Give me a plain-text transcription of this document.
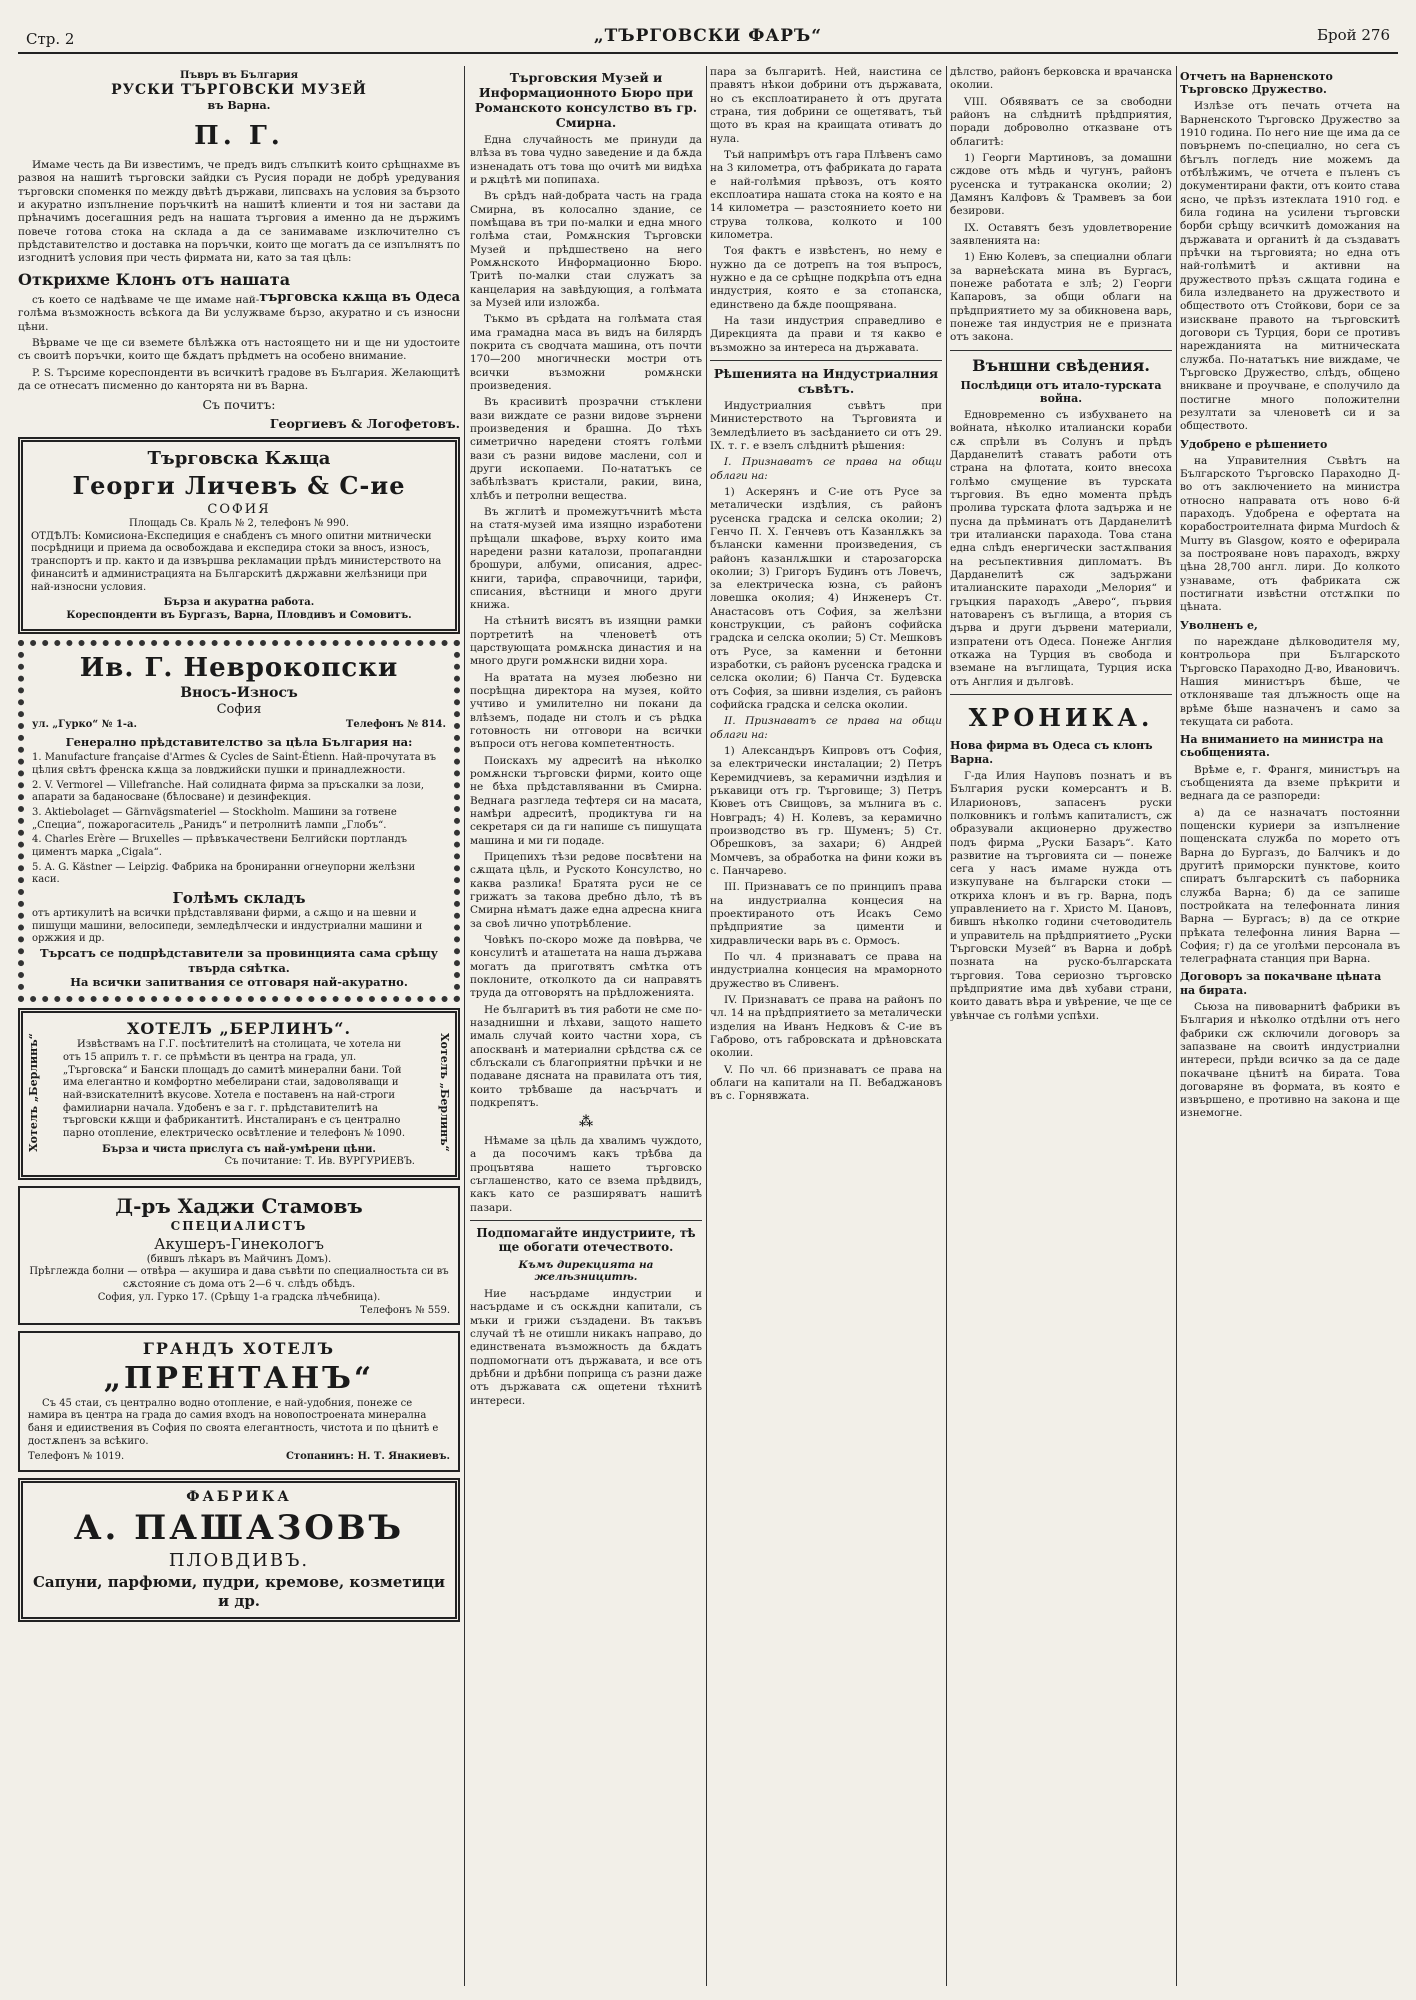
Стр. 2	„ТЪРГОВСКИ ФАРЪ“	Брой 276
Пъвръ въ България
РУСКИ ТЪРГОВСКИ МУЗЕЙ
въ Варна.
П. Г.

Имаме честь да Ви известимъ, че предъ видъ слъпкитѣ които срѣщнахме въ развоя на нашитѣ търговски зайдки съ Русия поради не добрѣ уредувания търговски споменкя по между двѣтѣ държави, липсвахъ на условия за бързото и акуратно изпълнение поръчкитѣ на нашитѣ клиенти и тоя ни застави да прѣначимъ досегашния редъ на нашата търговия а именно да не държимъ повече готова стока на склада а да се занимаваме изключително съ прѣдставителство и доставка на поръчки, които ще могатъ да се изпълнятъ по изгоднитѣ условия при честь фирмата ни, като за тая цѣль:

Открихме Клонъ отъ нашата
търговска кѫща въ Одеса

съ което се надѣваме че ще имаме най-голѣма възможность всѣкога да Ви услужваме бързо, акуратно и съ износни цѣни.

Вѣрваме че ще си вземете бѣлѣжка отъ настоящето ни и ще ни удостоите съ своитѣ поръчки, които ще бѫдатъ прѣдметъ на особено внимание.

P. S. Търсиме кореспонденти въ всичкитѣ градове въ България. Желающитѣ да се отнесатъ писменно до канторята ни въ Варна.

Съ почитъ:
Георгиевъ & Логофетовъ.
Търговска Кѫща
Георги Личевъ & С-ие
СОФИЯ
Площадь Св. Краль № 2, телефонъ № 990.

ОТДѢЛЪ: Комисиона-Експедиция е снабденъ съ много опитни митнически посрѣдници и приема да освобождава и експедира стоки за вносъ, износъ, транспортъ и пр. както и да извършва рекламации прѣдъ министерството на финанситѣ и администрацията на Българскитѣ дѫржавни желѣзници при най-износни условия.

Бърза и акуратна работа.
Кореспонденти въ Бургазъ, Варна, Пловдивъ и Сомовитъ.
Ив. Г. Неврокопски
Вносъ-Износъ
София
ул. „Гурко“ № 1-а.	Телефонъ № 814.
Генерално прѣдставителство за цѣла България на:
1. Manufacture française d'Armes & Cycles de Saint-Étienn. Най-прочутата въ цѣлия свѣтъ френска кѫща за ловджийски пушки и принадлежности.
2. V. Vermorel — Villefranche. Най солидната фирма за пръскалки за лози, апарати за баданосване (бѣлосване) и дезинфекция.
3. Aktiebolaget — Gärnvägsmateriel — Stockholm. Машини за готвене „Специа“, пожарогаситель „Ранидъ“ и петролнитѣ лампи „Глобъ“.
4. Charles Erère — Bruxelles — прѣвъкачествени Белгийски портландъ циментъ марка „Cigala“.
5. A. G. Kästner — Leipzig. Фабрика на брониранни огнеупорни желѣзни каси.
Голѣмъ складъ
отъ артикулитѣ на всички прѣдставлявани фирми, а сѫщо и на шевни и пишущи машини, велосипеди, земледѣлчески и индустриални машини и оржжия и др.
Търсатъ се подпрѣдставители за провинцията сама срѣщу твърда сяѣтка.
На всички запитвания се отговаря най-акуратно.
Хотелъ „Берлинъ“	Хотелъ „Берлинъ“
ХОТЕЛЪ „БЕРЛИНЪ“.

Извѣствамъ на Г.Г. посѣтителитѣ на столицата, че хотела ни отъ 15 априлъ т. г. се прѣмѣсти въ центра на града, ул. „Търговска“ и Бански площадъ до самитѣ минерални бани. Той има елегантно и комфортно мебелирани стаи, задоволяващи и най-взискателнитѣ вкусове. Хотела е поставенъ на най-строги фамилиарни начала. Удобенъ е за г. г. прѣдставителитѣ на търговски кѫщи и фабрикантитѣ. Инсталиранъ е съ централно парно отопление, електрическо освѣтление и телефонъ № 1090.

Бърза и чиста прислуга съ най-умѣрени цѣни.
Съ почитание: Т. Ив. ВУРГУРИЕВЪ.
Д-ръ Хаджи Стамовъ
СПЕЦИАЛИСТЪ
Акушеръ-Гинекологъ
(бившъ лѣкаръ въ Майчинъ Домъ).
Прѣглежда болни — отвѣра — акушира и дава съвѣти по специалностьта си въ сѫстояние съ дома отъ 2—6 ч. слѣдъ обѣдъ.
София, ул. Гурко 17. (Срѣщу 1-а градска лѣчебница).
Телефонъ № 559.
ГРАНДЪ ХОТЕЛЪ
„ПРЕНТАНЪ“

Съ 45 стаи, съ централно водно отопление, е най-удобния, понеже се намира въ центра на града до самия входъ на новопостроената минерална баня и едииствения въ София по своята елегантность, чистота и по цѣнитѣ е достѫпенъ за всѣкиго.

Телефонъ № 1019.	Стопанинъ: Н. Т. Янакиевъ.
ФАБРИКА
А. ПАШАЗОВЪ
ПЛОВДИВЪ.
Сапуни, парфюми, пудри, кремове, козметици и др.
Търговския Музей и Информационното Бюро при Романското консулство въ гр. Смирна.

Една случайность ме принуди да влѣза въ това чудно заведение и да бѫда изненадать отъ това що очитѣ ми видѣха и рѫцѣтѣ ми попипаха.

Въ срѣдъ най-добрата часть на града Смирна, въ колосално здание, се помѣщава въ три по-малки и една много голѣма стаи, Ромѫнския Търговски Музей и прѣдшествено на него Ромѫнското Информационно Бюро. Тритѣ по-малки стаи служатъ за канцелария на завѣдующия, а голѣмата за Музей или изложба.

Тъкмо въ срѣдата на голѣмата стая има грамадна маса въ видъ на билярдъ покрита съ сводчата машина, отъ почти 170—200 многичнески мостри отъ всички възможни ромѫнски произведения.

Въ красивитѣ прозрачни стъклени вази виждате се разни видове зърнени произведения и брашна. До тѣхъ симетрично наредени стоятъ голѣми вази съ разни видове маслени, сол и други ископаеми. По-нататъкъ се забѣлѣзватъ кристали, ракии, вина, хлѣбъ и петролни вещества.

Въ жглитѣ и промежутъчнитѣ мѣста на статя-музей има изящно изработени прѣщали шкафове, върху които има наредени разни каталози, пропагандни брошури, албуми, описания, адрес-книги, тарифа, справочници, тарифи, списания, вѣстници и много други книжа.

На стѣнитѣ висятъ въ изящни рамки портретитѣ на членоветѣ отъ царствующата ромѫнска династия и на много други ромѫнски видни хора.

На вратата на музея любезно ни посрѣщна директора на музея, който учтиво и умилително ни покани да влѣземъ, подаде ни столъ и съ рѣдка готовность ни отговори на всички въпроси отъ негова компетентность.

Поискахъ му адреситѣ на нѣколко ромѫнски търговски фирми, които още не бѣха прѣдставляванни въ Смирна. Веднага разгледа тефтеря си на масата, намѣри адреситѣ, продиктува ги на секретаря си да ги напише съ пишущата машина и ми ги подаде.

Прицепихъ тѣзи редове посвѣтени на сѫщата цѣль, и Руското Консулство, но каква разлика! Братята руси не се грижатъ за такова дребно дѣло, тѣ въ Смирна нѣматъ даже една адресна книга за своѣ лично употрѣбление.

Човѣкъ по-скоро може да повѣрва, че консулитѣ и аташетата на наша държава могатъ да приготвятъ смѣтка отъ поклоните, отколкото да си направятъ труда да отговорятъ на прѣдложенията.

Не българитѣ въ тия работи не сме по-назаднишни и лѣхави, защото нашето ималь случай които частни хора, съ апоскванѣ и материални срѣдства сѫ се сблъскали съ благоприятни прѣчки и не подаване дясната на правилата отъ тия, които трѣбваше да насърчатъ и подкрепятъ.

⁂

Нѣмаме за цѣль да хвалимъ чуждото, а да посочимъ какъ трѣбва да процъвтява нашето търговско съглашенство, като се взема прѣдвидъ, какъ като се разширяватъ нашитѣ пазари.

Подпомагайте индустриите, тѣ ще обогати отечеството.
Къмъ дирекцията на желѣзницитѣ.

Ние насърдаме индустрии и насърдаме и съ оскѫдни капитали, съ мъки и грижи създадени. Въ такъвъ случай тѣ не отишли никакъ направо, до единствената възможность да бѫдатъ подпомогнати отъ държавата, и все отъ дрѣбни и дрѣбни поприща съ разни даже отъ държавата сѫ ощетени тѣхнитѣ интереси.

пара за българитѣ. Ней, наистина се правятъ нѣкои добрини отъ държавата, но съ експлоатирането ѝ отъ другата страна, тия добрини се ощетяватъ, тъй щото въ края на краищата отиватъ до нула.

Тъй напримѣръ отъ гара Плѣвенъ само на 3 километра, отъ фабриката до гарата е най-голѣмия прѣвозъ, отъ която експлоатира нашата стока на която е на 14 километра — разстоянието което ни струва толкова, колкото и 100 километра.

Тоя фактъ е извѣстенъ, но нему е нужно да се дотрепъ на тоя въпросъ, нужно е да се срѣщне подкрѣпа отъ една индустрия, която е за стопанска, единствено да бѫде поощрявана.

На тази индустрия справедливо е Дирекцията да прави и тя какво е възможно за интереса на държавата.

Рѣшенията на Индустриалния съвѣтъ.

Индустриалния съвѣтъ при Министерството на Търговията и Земледѣлието въ засѣданието си отъ 29. IX. т. г. е взелъ слѣднитѣ рѣшения:

I. Признаватъ се права на общи облаги на:

1) Аскерянъ и С-ие отъ Русе за металически издѣлия, съ районъ русенска градска и селска околии; 2) Генчо П. Х. Генчевъ отъ Казанлѫкъ за бълански каменни произведения, съ районъ казанлѫшки и старозагорска околии; 3) Григоръ Будинъ отъ Ловечъ, за електрическа юзна, съ районъ ловешка околия; 4) Инженеръ Ст. Анастасовъ отъ София, за желѣзни конструкции, съ районъ софийска градска и селска околии; 5) Ст. Мешковъ отъ Русе, за каменни и бетонни изработки, съ районъ русенска градска и селска околии; 6) Панча Ст. Будевска отъ София, за шивни изделия, съ районъ софийска градска и селска околии.

II. Признаватъ се права на общи облаги на:

1) Александъръ Кипровъ отъ София, за електрически инсталации; 2) Петръ Керемидчиевъ, за керамични издѣлия и ръкавици отъ гр. Търговище; 3) Петръ Кювеъ отъ Свищовъ, за мълнига въ с. Новградъ; 4) Н. Колевъ, за керамично производство въ гр. Шуменъ; 5) Ст. Обрешковъ, за захари; 6) Андрей Момчевъ, за обработка на фини кожи въ с. Панчарево.

III. Признаватъ се по принципъ права на индустриална концесия на проектираното отъ Исакъ Семо прѣдприятие за цименти и хидравлически варь въ с. Ормосъ.

По чл. 4 признаватъ се права на индустриална концесия на мраморното дружество въ Сливенъ.

IV. Признаватъ се права на районъ по чл. 14 на прѣдприятието за металически изделия на Иванъ Недковъ & С-ие въ Габрово, отъ габровската и дрѣновската околии.

V. По чл. 66 признаватъ се права на облаги на капитали на П. Вебаджановъ въ с. Горнявжата.

дѣлство, районъ берковска и врачанска околии.

VIII. Обявяватъ се за свободни районъ на слѣднитѣ прѣдприятия, поради доброволно отказване отъ облагитѣ:

1) Георги Мартиновъ, за домашни сждове отъ мѣдь и чугунъ, районъ русенска и тутраканска околии; 2) Дамянъ Калфовъ & Трамвевъ за бои безирови.

IX. Оставятъ безъ удовлетворение заявленията на:

1) Еню Колевъ, за специални облаги за варнеѣската мина въ Бургасъ, понеже работата е злѣ; 2) Георги Капаровъ, за общи облаги на прѣдприятието му за обикновена варь, понеже тая индустрия не е призната отъ закона.

Външни свѣдения.
Послѣдици отъ итало-турската война.

Едновременно съ избухването на войната, нѣколко италиански кораби сѫ спрѣли въ Солунъ и прѣдъ Дарданелитѣ ставатъ работи отъ страна на флотата, които внесоха голѣмо смущение въ турската търговия. Въ едно момента прѣдъ пролива турската флота задържа и не пусна да прѣминатъ отъ Дарданелитѣ три италиански парахода. Това стана една слѣдъ енергически застѫпвания на ресъпективния дипломатъ. Въ Дарданелитѣ сж задържани италианските параходи „Мелория“ и гръцкия параходъ „Аверо“, първия натоваренъ съ въглища, а втория съ дърва и други дървени материали, изпратени отъ Одеса. Понеже Англия откажа на Турция въ свобода и вземане на въглищата, Турция иска отъ Англия и дълговѣ.

ХРОНИКА.
Нова фирма въ Одеса съ клонъ Варна.

Г-да Илия Науповъ познатъ и въ България руски комерсантъ и В. Иларионовъ, запасенъ руски полковникъ и голѣмъ капиталистъ, сж образували акционерно дружество подъ фирма „Руски Базаръ“. Като развитие на търговията си — понеже сега у насъ имаме нужда отъ изкупуване на български стоки — откриха клонъ и въ гр. Варна, подъ управлението на г. Христо М. Цановъ, бившъ нѣколко години счетоводитель и управитель на прѣдприятието „Руски Търговски Музей“ въ Варна и добрѣ позната на руско-българската търговия. Това сериозно търговско прѣдприятие има двѣ хубави страни, които даватъ вѣра и увѣрение, че ще се увѣнчае съ голѣми успѣхи.

Отчетъ на Варненското Търговско Дружество.

Излѣзе отъ печать отчета на Варненското Търговско Дружество за 1910 година. По него ние ще има да се повърнемъ по-специално, но сега съ бѣгълъ погледъ ние можемъ да отбѣлѣжимъ, че отчета е пъленъ съ документирани факти, отъ които става ясно, че прѣзъ изтеклата 1910 год. е била година на усилени търговски борби срѣщу всичкитѣ доможания на държавата и органитѣ ѝ да създаватъ прѣчки на търговията; но една отъ най-голѣмитѣ и активни на дружеството прѣзъ сѫщата година е била изледването на дружеството и обществото отъ Стойкови, бори се за изискване правото на търговскитѣ договори съ Турция, бори се противъ нарежданията на митническата служба. По-нататъкъ ние виждаме, че Търговско Дружество, слѣдъ, общено вникване и проучване, е сполучило да постигне много положителни резултати за членоветѣ си и за обществото.

Удобрено е рѣшението

на Управителния Съвѣтъ на Българското Търговско Параходно Д-во отъ заключението на министра относно направата отъ ново 6-й параходъ. Удобрена е офертата на корабостроителната фирма Murdoch & Murry въ Glasgow, която е оферирала за построяване новъ параходъ, вжрху цѣна 28,700 англ. лири. До колкото узнаваме, отъ фабриката сж постигнати извѣстни отстѫпки по цѣната.

Уволненъ е,

по нареждане дѣлководителя му, контрольора при Българското Търговско Параходно Д-во, Ивановичъ. Нашия министъръ бѣше, че отклоняваше тая длъжность още на врѣме бѣше назначенъ и само за текущата си работа.

На вниманието на министра на сьобщенията.

Врѣме е, г. Франгя, министъръ на съобщенията да вземе прѣкрити и веднага да се разпореди:

а) да се назначатъ постоянни пощенски куриери за изпълнение пощенската служба по морето отъ Варна до Бургазъ, до Балчикъ и до другитѣ приморски пунктове, които спиратъ българскитѣ съ паборника служба Варна; б) да се запише постройката на телефонната линия Варна — Бургасъ; в) да се открие прѣката телефонна линия Варна — София; г) да се уголѣми персонала въ телеграфната станция при Варна.

Договоръ за покачване цѣната на бирата.

Сьюза на пивоварнитѣ фабрики въ България и нѣколко отдѣлни отъ него фабрики сж сключили договоръ за запазване на своитѣ индустриални интереси, прѣди всичко за да се даде покачване цѣнитѣ на бирата. Това договаряне въ формата, въ която е извършено, е противно на закона и ще изнемогне.
